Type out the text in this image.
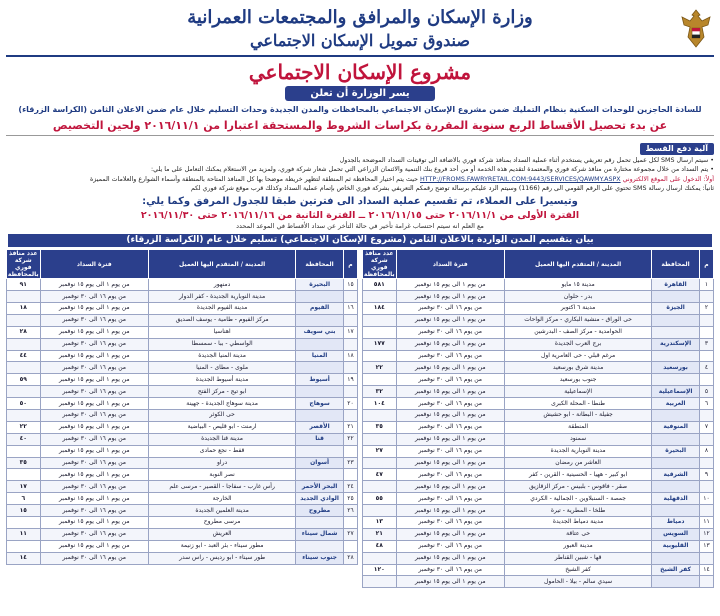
وزارة الإسكان والمرافق والمجتمعات العمرانية
صندوق تمويل الإسكان الاجتماعي
مشروع الإسكان الاجتماعي
يسر الوزارة أن تعلن
للسادة الحاجزين للوحدات السكنية بنظام التمليك ضمن مشروع الإسكان الاجتماعي بالمحافظات والمدن الجديدة وحدات التسليم خلال عام ضمن الاعلان الثامن (الكراسة الزرقاء)
عن بدء تحصيل الأقساط الربع سنوية المقررة بكراسات الشروط والمستحقة اعتبارا من ٢٠١٦/١١/١ ولحين التخصيص
آلية دفع القسط
• سيتم ارسال SMS لكل عميل تحمل رقم تعريفي يستخدم أثناء عملية السداد بمنافذ شركة فوري بالاضافة الى توقيتات السداد الموضحة بالجدول
• يتم السداد من خلال مجموعة مختارة من منافذ شركة فوري والمعتمدة لتقديم هذه الخدمة أو من أحد فروع بنك التنمية والائتمان الزراعي التي تحمل شعار شركة فوري، ولمزيد من الاستعلام يمكنك التعامل على ما يلي:
أولاً: الدخول على الموقع الالكتروني HTTP://FROMS.FAWRYRETAIL.COM:9443/SERVICES/QAWMY.ASPX حيث يتم اختيار المحافظة ثم المنطقة لتظهر خريطة موضحا بها كل المنافذ المتاحة بالمنطقة وأسماء الشوارع والعلامات المميزة
ثانياً: يمكنك ارسال رسالة SMS تحتوي على الرقم القومي الى رقم (1166) وسيتم الرد عليكم برسالة توضح رقمكم التعريفي بشركة فوري الخاص بإتمام عملية السداد وكذلك قرب موقع شركة فوري لكم
وتيسيرا على العملاء، تم تقسيم عملية السداد الى فترتين طبقا للجدول المرفق وكما يلي:
الفترة الأولى من ٢٠١٦/١١/١ حتى ٢٠١٦/١١/١٥ ــ الفترة الثانية من ٢٠١٦/١١/١٦ حتى ٢٠١٦/١١/٣٠
مع العلم انه سيتم احتساب غرامة تأخير في حالة التأخر عن سداد الأقساط في الموعد المحدد
بيان بتقسيم المدن الواردة بالاعلان الثامن (مشروع الإسكان الاجتماعي) تسليم خلال عام (الكراسة الزرقاء)
م	المحافظة	المدينة / المتقدم اليها العميل	فترة السداد	عدد منافذ شركة فوري بالمحافظة
١	القاهرة	مدينة ١٥ مايو	من يوم ١ الى يوم ١٥ نوفمبر	٥٨١
		بدر - حلوان	من يوم ١ الى يوم ١٥ نوفمبر	
٢	الجيزة	مدينة ٦ اكتوبر	من يوم ١٦ الى ٣٠ نوفمبر	١٨٤
		حى الوراق - منشية البكاري - مركز الواحات	من يوم ١ الى يوم ١٥ نوفمبر	
		الحوامدية - مركز الصف - البدرشين	من يوم ١٦ الى ٣٠ نوفمبر	
٣	الإسكندرية	برج العرب الجديدة	من يوم ١ الى يوم ١٥ نوفمبر	١٧٧
		مرغم قبلي - حى العامرية اول	من يوم ١٦ الى ٣٠ نوفمبر	
٤	بورسعيد	مدينة شرق بورسعيد	من يوم ١ الى يوم ١٥ نوفمبر	٢٢
		جنوب بورسعيد	من يوم ١٦ الى ٣٠ نوفمبر	
٥	الإسماعيلية	الإسماعيلية	من يوم ١ الى يوم ١٥ نوفمبر	٣٢
٦	الغربية	طنطا - المحلة الكبرى	من يوم ١٦ الى ٣٠ نوفمبر	١٠٤
		جفيلة - البطانة - ابو حشيش	من يوم ١ الى يوم ١٥ نوفمبر	
٧	المنوفية	المنطقة	من يوم ١٦ الى ٣٠ نوفمبر	٣٥
		سمنود	من يوم ١ الى يوم ١٥ نوفمبر	
٨	البحيرة	مدينة النوبارية الجديدة	من يوم ١٦ الى ٣٠ نوفمبر	٢٧
		العاشر من رمضان	من يوم ١ الى يوم ١٥ نوفمبر	
٩	الشرقية	ابو كبير - ههيا - الحسينية - القرين - كفر	من يوم ١٦ الى ٣٠ نوفمبر	٤٧
		صقر - فاقوس - بلبيس - مركز الزقازيق	من يوم ١ الى يوم ١٥ نوفمبر	
١٠	الدقهلية	جمصة - السنبلاوين - الجمالية - الكردي	من يوم ١٦ الى ٣٠ نوفمبر	٥٥
		طلخا - المطرية - تيرة	من يوم ١ الى يوم ١٥ نوفمبر	
١١	دمياط	مدينة دمياط الجديدة	من يوم ١٦ الى ٣٠ نوفمبر	١٣
١٢	السويس	حى عتاقة	من يوم ١ الى يوم ١٥ نوفمبر	٢١
١٣	القليوبية	مدينة العبور	من يوم ١٦ الى ٣٠ نوفمبر	٤٨
		قها - شبين القناطر	من يوم ١ الى يوم ١٥ نوفمبر	
١٤	كفر الشيخ	كفر الشيخ	من يوم ١٦ الى ٣٠ نوفمبر	١٢٠
		سيدي سالم - بيلا - الحامول	من يوم ١ الى يوم ١٥ نوفمبر	
م	المحافظة	المدينة / المتقدم اليها العميل	فترة السداد	عدد منافذ شركة فوري بالمحافظة
١٥	البحيرة	دمنهور	من يوم ١ الى يوم ١٥ نوفمبر	٩١
		مدينة النوبارية الجديدة - كفر الدوار	من يوم ١٦ الى ٣٠ نوفمبر	
١٦	الفيوم	مدينة الفيوم الجديدة	من يوم ١ الى يوم ١٥ نوفمبر	١٨
		مركز الفيوم - طامية - يوسف الصديق	من يوم ١٦ الى ٣٠ نوفمبر	
١٧	بني سويف	اهناسيا	من يوم ١ الى يوم ١٥ نوفمبر	٢٨
		الواسطي - ببا - سمسطا	من يوم ١٦ الى ٣٠ نوفمبر	
١٨	المنيا	مدينة المنيا الجديدة	من يوم ١ الى يوم ١٥ نوفمبر	٤٤
		ملوى - مطاى - المنيا	من يوم ١٦ الى ٣٠ نوفمبر	
١٩	أسيوط	مدينة أسيوط الجديدة	من يوم ١ الى يوم ١٥ نوفمبر	٥٩
		ابو تيج - مركز الفتح	من يوم ١٦ الى ٣٠ نوفمبر	
٢٠	سوهاج	مدينة سوهاج الجديدة - جهينة	من يوم ١ الى يوم ١٥ نوفمبر	٥٠
		حى الكوثر	من يوم ١٦ الى ٣٠ نوفمبر	
٢١	الأقصر	ارمنت - ابو قليص - البياضية	من يوم ١ الى يوم ١٥ نوفمبر	٢٢
٢٢	قنا	مدينة قنا الجديدة	من يوم ١٦ الى ٣٠ نوفمبر	٤٠
		قفط - نجع حمادى	من يوم ١ الى يوم ١٥ نوفمبر	
٢٣	أسوان	دراو	من يوم ١٦ الى ٣٠ نوفمبر	٣٥
		نصر النوبة	من يوم ١ الى يوم ١٥ نوفمبر	
٢٤	البحر الأحمر	رأس غارب - سفاجا - القصير - مرسى علم	من يوم ١٦ الى ٣٠ نوفمبر	١٧
٢٥	الوادي الجديد	الخارجة	من يوم ١ الى يوم ١٥ نوفمبر	٦
٢٦	مطروح	مدينة العلمين الجديدة	من يوم ١٦ الى ٣٠ نوفمبر	١٥
		مرسى مطروح	من يوم ١ الى يوم ١٥ نوفمبر	
٢٧	شمال سيناء	العريش	من يوم ١٦ الى ٣٠ نوفمبر	١١
		مطور سيناء - بئر العبد - ابو زنيمة	من يوم ١ الى يوم ١٥ نوفمبر	
٢٨	جنوب سيناء	طور سيناء - ابو رديس - راس سدر	من يوم ١٦ الى ٣٠ نوفمبر	١٤
